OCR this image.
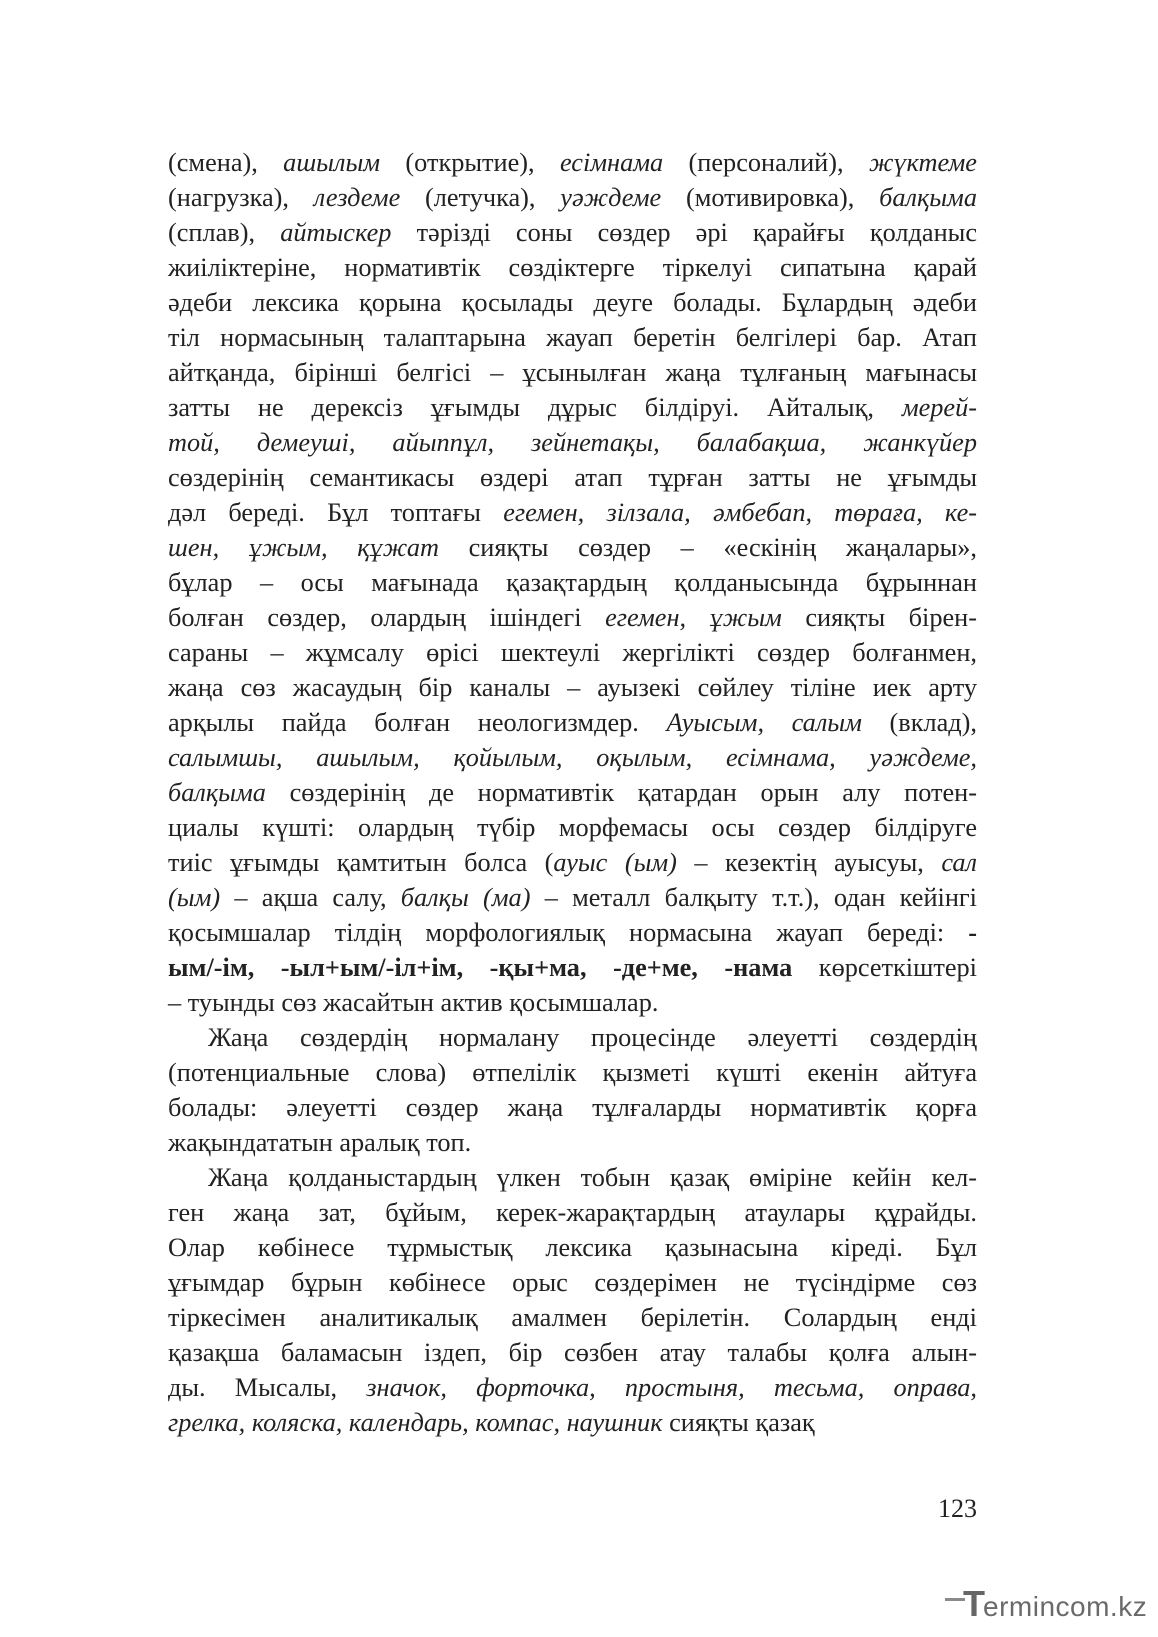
(смена), ашылым (открытие), есімнама (персоналий), жүктеме
(нагрузка), лездеме (летучка), уәждеме (мотивировка), балқыма
(сплав), айтыскер тәрізді соны сөздер әрі қарайғы қолданыс
жиіліктеріне, нормативтік сөздіктерге тіркелуі сипатына қарай
әдеби лексика қорына қосылады деуге болады. Бұлардың әдеби
тіл нормасының талаптарына жауап беретін белгілері бар. Атап
айтқанда, бірінші белгісі – ұсынылған жаңа тұлғаның мағынасы
затты не дерексіз ұғымды дұрыс білдіруі. Айталық, мерей-
той, демеуші, айыппұл, зейнетақы, балабақша, жанкүйер
сөздерінің семантикасы өздері атап тұрған затты не ұғымды
дәл береді. Бұл топтағы егемен, зілзала, әмбебап, төраға, ке-
шен, ұжым, құжат сияқты сөздер – «ескінің жаңалары»,
бұлар – осы мағынада қазақтардың қолданысында бұрыннан
болған сөздер, олардың ішіндегі егемен, ұжым сияқты бірен-
сараны – жұмсалу өрісі шектеулі жергілікті сөздер болғанмен,
жаңа сөз жасаудың бір каналы – ауызекі сөйлеу тіліне иек арту
арқылы пайда болған неологизмдер. Ауысым, салым (вклад),
салымшы, ашылым, қойылым, оқылым, есімнама, уәждеме,
балқыма сөздерінің де нормативтік қатардан орын алу потен-
циалы күшті: олардың түбір морфемасы осы сөздер білдіруге
тиіс ұғымды қамтитын болса (ауыс (ым) – кезектің ауысуы, сал
(ым) – ақша салу, балқы (ма) – металл балқыту т.т.), одан кейінгі
қосымшалар тілдің морфологиялық нормасына жауап береді: -
ым/-ім, -ыл+ым/-іл+ім, -қы+ма, -де+ме, -нама көрсеткіштері
– туынды сөз жасайтын актив қосымшалар.

Жаңа сөздердің нормалану процесінде әлеуетті сөздердің
(потенциальные слова) өтпелілік қызметі күшті екенін айтуға
болады: әлеуетті сөздер жаңа тұлғаларды нормативтік қорға
жақындататын аралық топ.

Жаңа қолданыстардың үлкен тобын қазақ өміріне кейін кел-
ген жаңа зат, бұйым, керек-жарақтардың атаулары құрайды.
Олар көбінесе тұрмыстық лексика қазынасына кіреді. Бұл
ұғымдар бұрын көбінесе орыс сөздерімен не түсіндірме сөз
тіркесімен аналитикалық амалмен берілетін. Солардың енді
қазақша баламасын іздеп, бір сөзбен атау талабы қолға алын-
ды. Мысалы, значок, форточка, простыня, тесьма, оправа,
грелка, коляска, календарь, компас, наушник сияқты қазақ

123
T
ermincom.kz
